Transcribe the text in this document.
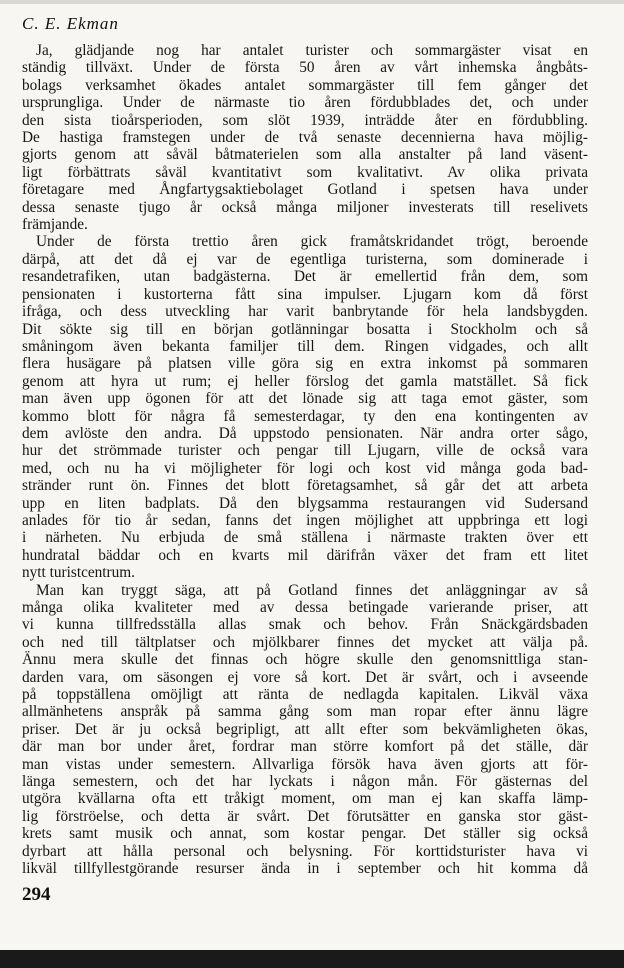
C. E. Ekman
Ja, glädjande nog har antalet turister och sommargäster visat en
ständig tillväxt. Under de första 50 åren av vårt inhemska ångbåts-
bolags verksamhet ökades antalet sommargäster till fem gånger det
ursprungliga. Under de närmaste tio åren fördubblades det, och under
den sista tioårsperioden, som slöt 1939, inträdde åter en fördubbling.
De hastiga framstegen under de två senaste decennierna hava möjlig-
gjorts genom att såväl båtmaterielen som alla anstalter på land väsent-
ligt förbättrats såväl kvantitativt som kvalitativt. Av olika privata
företagare med Ångfartygsaktiebolaget Gotland i spetsen hava under
dessa senaste tjugo år också många miljoner investerats till reselivets
främjande.
Under de första trettio åren gick framåtskridandet trögt, beroende
därpå, att det då ej var de egentliga turisterna, som dominerade i
resandetrafiken, utan badgästerna. Det är emellertid från dem, som
pensionaten i kustorterna fått sina impulser. Ljugarn kom då först
ifråga, och dess utveckling har varit banbrytande för hela landsbygden.
Dit sökte sig till en början gotlänningar bosatta i Stockholm och så
småningom även bekanta familjer till dem. Ringen vidgades, och allt
flera husägare på platsen ville göra sig en extra inkomst på sommaren
genom att hyra ut rum; ej heller förslog det gamla matstället. Så fick
man även upp ögonen för att det lönade sig att taga emot gäster, som
kommo blott för några få semesterdagar, ty den ena kontingenten av
dem avlöste den andra. Då uppstodo pensionaten. När andra orter sågo,
hur det strömmade turister och pengar till Ljugarn, ville de också vara
med, och nu ha vi möjligheter för logi och kost vid många goda bad-
stränder runt ön. Finnes det blott företagsamhet, så går det att arbeta
upp en liten badplats. Då den blygsamma restaurangen vid Sudersand
anlades för tio år sedan, fanns det ingen möjlighet att uppbringa ett logi
i närheten. Nu erbjuda de små ställena i närmaste trakten över ett
hundratal bäddar och en kvarts mil därifrån växer det fram ett litet
nytt turistcentrum.
Man kan tryggt säga, att på Gotland finnes det anläggningar av så
många olika kvaliteter med av dessa betingade varierande priser, att
vi kunna tillfredsställa allas smak och behov. Från Snäckgärdsbaden
och ned till tältplatser och mjölkbarer finnes det mycket att välja på.
Ännu mera skulle det finnas och högre skulle den genomsnittliga stan-
darden vara, om säsongen ej vore så kort. Det är svårt, och i avseende
på toppställena omöjligt att ränta de nedlagda kapitalen. Likväl växa
allmänhetens anspråk på samma gång som man ropar efter ännu lägre
priser. Det är ju också begripligt, att allt efter som bekvämligheten ökas,
där man bor under året, fordrar man större komfort på det ställe, där
man vistas under semestern. Allvarliga försök hava även gjorts att för-
länga semestern, och det har lyckats i någon mån. För gästernas del
utgöra kvällarna ofta ett tråkigt moment, om man ej kan skaffa lämp-
lig förströelse, och detta är svårt. Det förutsätter en ganska stor gäst-
krets samt musik och annat, som kostar pengar. Det ställer sig också
dyrbart att hålla personal och belysning. För korttidsturister hava vi
likväl tillfyllestgörande resurser ända in i september och hit komma då
294
